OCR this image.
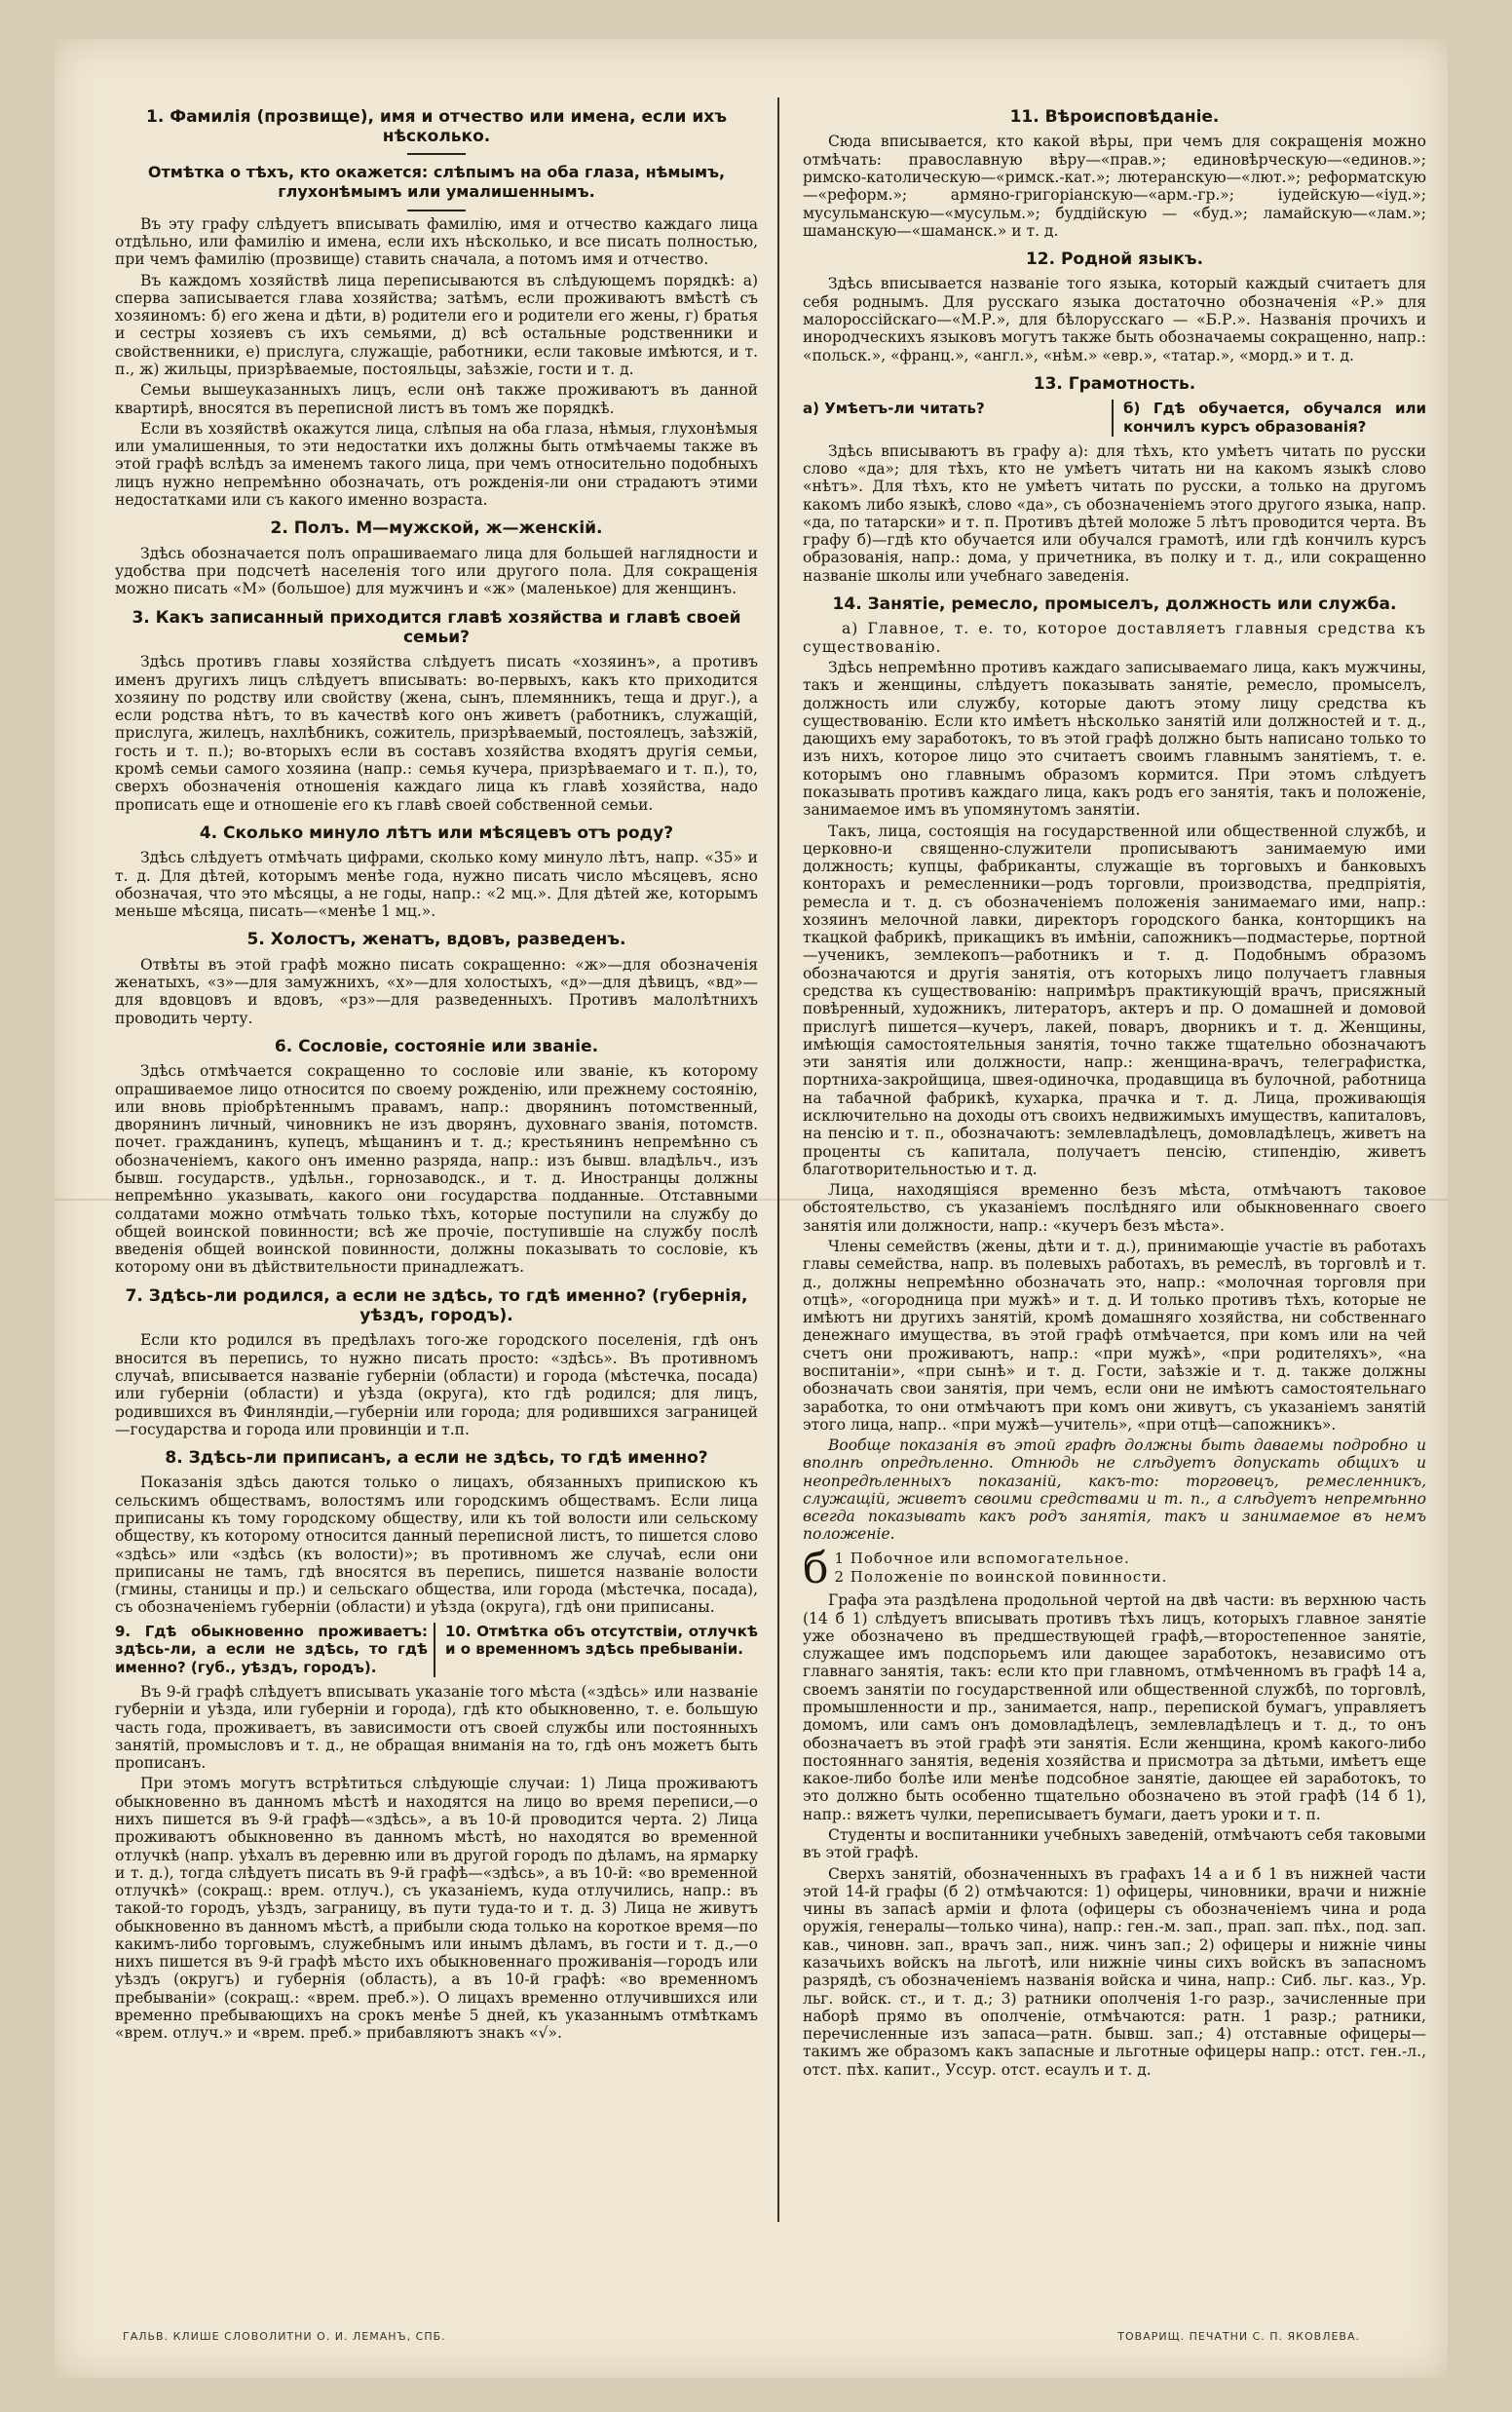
1. Фамилія (прозвище), имя и отчество или имена, если ихъ нѣсколько.
Отмѣтка о тѣхъ, кто окажется: слѣпымъ на оба глаза, нѣмымъ, глухонѣмымъ или умалишеннымъ.

Въ эту графу слѣдуетъ вписывать фамилію, имя и отчество каждаго лица отдѣльно, или фамилію и имена, если ихъ нѣсколько, и все писать полностью, при чемъ фамилію (прозвище) ставить сначала, а потомъ имя и отчество.

Въ каждомъ хозяйствѣ лица переписываются въ слѣдующемъ порядкѣ: а) сперва записывается глава хозяйства; затѣмъ, если проживаютъ вмѣстѣ съ хозяиномъ: б) его жена и дѣти, в) родители его и родители его жены, г) братья и сестры хозяевъ съ ихъ семьями, д) всѣ остальные родственники и свойственники, е) прислуга, служащіе, работники, если таковые имѣются, и т. п., ж) жильцы, призрѣваемые, постояльцы, заѣзжіе, гости и т. д.

Семьи вышеуказанныхъ лицъ, если онѣ также проживаютъ въ данной квартирѣ, вносятся въ переписной листъ въ томъ же порядкѣ.

Если въ хозяйствѣ окажутся лица, слѣпыя на оба глаза, нѣмыя, глухонѣмыя или умалишенныя, то эти недостатки ихъ должны быть отмѣчаемы также въ этой графѣ вслѣдъ за именемъ такого лица, при чемъ относительно подобныхъ лицъ нужно непремѣнно обозначать, отъ рожденія-ли они страдаютъ этими недостатками или съ какого именно возраста.

2. Полъ. М—мужской, ж—женскій.

Здѣсь обозначается полъ опрашиваемаго лица для большей наглядности и удобства при подсчетѣ населенія того или другого пола. Для сокращенія можно писать «М» (большое) для мужчинъ и «ж» (маленькое) для женщинъ.

3. Какъ записанный приходится главѣ хозяйства и главѣ своей семьи?

Здѣсь противъ главы хозяйства слѣдуетъ писать «хозяинъ», а противъ именъ другихъ лицъ слѣдуетъ вписывать: во-первыхъ, какъ кто приходится хозяину по родству или свойству (жена, сынъ, племянникъ, теща и друг.), а если родства нѣтъ, то въ качествѣ кого онъ живетъ (работникъ, служащій, прислуга, жилецъ, нахлѣбникъ, сожитель, призрѣваемый, постоялецъ, заѣзжій, гость и т. п.); во-вторыхъ если въ составъ хозяйства входятъ другія семьи, кромѣ семьи самого хозяина (напр.: семья кучера, призрѣваемаго и т. п.), то, сверхъ обозначенія отношенія каждаго лица къ главѣ хозяйства, надо прописать еще и отношеніе его къ главѣ своей собственной семьи.

4. Сколько минуло лѣтъ или мѣсяцевъ отъ роду?

Здѣсь слѣдуетъ отмѣчать цифрами, сколько кому минуло лѣтъ, напр. «35» и т. д. Для дѣтей, которымъ менѣе года, нужно писать число мѣсяцевъ, ясно обозначая, что это мѣсяцы, а не годы, напр.: «2 мц.». Для дѣтей же, которымъ меньше мѣсяца, писать—«менѣе 1 мц.».

5. Холостъ, женатъ, вдовъ, разведенъ.

Отвѣты въ этой графѣ можно писать сокращенно: «ж»—для обозначенія женатыхъ, «з»—для замужнихъ, «х»—для холостыхъ, «д»—для дѣвицъ, «вд»—для вдовцовъ и вдовъ, «рз»—для разведенныхъ. Противъ малолѣтнихъ проводить черту.

6. Сословіе, состояніе или званіе.

Здѣсь отмѣчается сокращенно то сословіе или званіе, къ которому опрашиваемое лицо относится по своему рожденію, или прежнему состоянію, или вновь пріобрѣтеннымъ правамъ, напр.: дворянинъ потомственный, дворянинъ личный, чиновникъ не изъ дворянъ, духовнаго званія, потомств. почет. гражданинъ, купецъ, мѣщанинъ и т. д.; крестьянинъ непремѣнно съ обозначеніемъ, какого онъ именно разряда, напр.: изъ бывш. владѣльч., изъ бывш. государств., удѣльн., горнозаводск., и т. д. Иностранцы должны непремѣнно указывать, какого они государства подданные. Отставными солдатами можно отмѣчать только тѣхъ, которые поступили на службу до общей воинской повинности; всѣ же прочіе, поступившіе на службу послѣ введенія общей воинской повинности, должны показывать то сословіе, къ которому они въ дѣйствительности принадлежатъ.

7. Здѣсь-ли родился, а если не здѣсь, то гдѣ именно? (губернія, уѣздъ, городъ).

Если кто родился въ предѣлахъ того-же городского поселенія, гдѣ онъ вносится въ перепись, то нужно писать просто: «здѣсь». Въ противномъ случаѣ, вписывается названіе губерніи (области) и города (мѣстечка, посада) или губерніи (области) и уѣзда (округа), кто гдѣ родился; для лицъ, родившихся въ Финляндіи,—губерніи или города; для родившихся заграницей—государства и города или провинціи и т.п.

8. Здѣсь-ли приписанъ, а если не здѣсь, то гдѣ именно?

Показанія здѣсь даются только о лицахъ, обязанныхъ припискою къ сельскимъ обществамъ, волостямъ или городскимъ обществамъ. Если лица приписаны къ тому городскому обществу, или къ той волости или сельскому обществу, къ которому относится данный переписной листъ, то пишется слово «здѣсь» или «здѣсь (къ волости)»; въ противномъ же случаѣ, если они приписаны не тамъ, гдѣ вносятся въ перепись, пишется названіе волости (гмины, станицы и пр.) и сельскаго общества, или города (мѣстечка, посада), съ обозначеніемъ губерніи (области) и уѣзда (округа), гдѣ они приписаны.

9. Гдѣ обыкновенно проживаетъ: здѣсь-ли, а если не здѣсь, то гдѣ именно? (губ., уѣздъ, городъ).
10. Отмѣтка объ отсутствіи, отлучкѣ и о временномъ здѣсь пребываніи.

Въ 9-й графѣ слѣдуетъ вписывать указаніе того мѣста («здѣсь» или названіе губерніи и уѣзда, или губерніи и города), гдѣ кто обыкновенно, т. е. большую часть года, проживаетъ, въ зависимости отъ своей службы или постоянныхъ занятій, промысловъ и т. д., не обращая вниманія на то, гдѣ онъ можетъ быть прописанъ.

При этомъ могутъ встрѣтиться слѣдующіе случаи: 1) Лица проживаютъ обыкновенно въ данномъ мѣстѣ и находятся на лицо во время переписи,—о нихъ пишется въ 9-й графѣ—«здѣсь», а въ 10-й проводится черта. 2) Лица проживаютъ обыкновенно въ данномъ мѣстѣ, но находятся во временной отлучкѣ (напр. уѣхалъ въ деревню или въ другой городъ по дѣламъ, на ярмарку и т. д.), тогда слѣдуетъ писать въ 9-й графѣ—«здѣсь», а въ 10-й: «во временной отлучкѣ» (сокращ.: врем. отлуч.), съ указаніемъ, куда отлучились, напр.: въ такой-то городъ, уѣздъ, заграницу, въ пути туда-то и т. д. 3) Лица не живутъ обыкновенно въ данномъ мѣстѣ, а прибыли сюда только на короткое время—по какимъ-либо торговымъ, служебнымъ или инымъ дѣламъ, въ гости и т. д.,—о нихъ пишется въ 9-й графѣ мѣсто ихъ обыкновеннаго проживанія—городъ или уѣздъ (округъ) и губернія (область), а въ 10-й графѣ: «во временномъ пребываніи» (сокращ.: «врем. преб.»). О лицахъ временно отлучившихся или временно пребывающихъ на срокъ менѣе 5 дней, къ указаннымъ отмѣткамъ «врем. отлуч.» и «врем. преб.» прибавляютъ знакъ «√».

11. Вѣроисповѣданіе.

Сюда вписывается, кто какой вѣры, при чемъ для сокращенія можно отмѣчать: православную вѣру—«прав.»; единовѣрческую—«единов.»; римско-католическую—«римск.-кат.»; лютеранскую—«лют.»; реформатскую—«реформ.»; армяно-григоріанскую—«арм.-гр.»; іудейскую—«іуд.»; мусульманскую—«мусульм.»; буддійскую — «буд.»; ламайскую—«лам.»; шаманскую—«шаманск.» и т. д.

12. Родной языкъ.

Здѣсь вписывается названіе того языка, который каждый считаетъ для себя роднымъ. Для русскаго языка достаточно обозначенія «Р.» для малороссійскаго—«М.Р.», для бѣлорусскаго — «Б.Р.». Названія прочихъ и инородческихъ языковъ могутъ также быть обозначаемы сокращенно, напр.: «польск.», «франц.», «англ.», «нѣм.» «евр.», «татар.», «морд.» и т. д.

13. Грамотность.
а) Умѣетъ-ли читать?	б) Гдѣ обучается, обучался или кончилъ курсъ образованія?

Здѣсь вписываютъ въ графу а): для тѣхъ, кто умѣетъ читать по русски слово «да»; для тѣхъ, кто не умѣетъ читать ни на какомъ языкѣ слово «нѣтъ». Для тѣхъ, кто не умѣетъ читать по русски, а только на другомъ какомъ либо языкѣ, слово «да», съ обозначеніемъ этого другого языка, напр. «да, по татарски» и т. п. Противъ дѣтей моложе 5 лѣтъ проводится черта. Въ графу б)—гдѣ кто обучается или обучался грамотѣ, или гдѣ кончилъ курсъ образованія, напр.: дома, у причетника, въ полку и т. д., или сокращенно названіе школы или учебнаго заведенія.

14. Занятіе, ремесло, промыселъ, должность или служба.

а) Главное, т. е. то, которое доставляетъ главныя средства къ существованію.

Здѣсь непремѣнно противъ каждаго записываемаго лица, какъ мужчины, такъ и женщины, слѣдуетъ показывать занятіе, ремесло, промыселъ, должность или службу, которые даютъ этому лицу средства къ существованію. Если кто имѣетъ нѣсколько занятій или должностей и т. д., дающихъ ему заработокъ, то въ этой графѣ должно быть написано только то изъ нихъ, которое лицо это считаетъ своимъ главнымъ занятіемъ, т. е. которымъ оно главнымъ образомъ кормится. При этомъ слѣдуетъ показывать противъ каждаго лица, какъ родъ его занятія, такъ и положеніе, занимаемое имъ въ упомянутомъ занятіи.

Такъ, лица, состоящія на государственной или общественной службѣ, и церковно-и священно-служители прописываютъ занимаемую ими должность; купцы, фабриканты, служащіе въ торговыхъ и банковыхъ конторахъ и ремесленники—родъ торговли, производства, предпріятія, ремесла и т. д. съ обозначеніемъ положенія занимаемаго ими, напр.: хозяинъ мелочной лавки, директоръ городского банка, конторщикъ на ткацкой фабрикѣ, прикащикъ въ имѣніи, сапожникъ—подмастерье, портной—ученикъ, землекопъ—работникъ и т. д. Подобнымъ образомъ обозначаются и другія занятія, отъ которыхъ лицо получаетъ главныя средства къ существованію: напримѣръ практикующій врачъ, присяжный повѣренный, художникъ, литераторъ, актеръ и пр. О домашней и домовой прислугѣ пишется—кучеръ, лакей, поваръ, дворникъ и т. д. Женщины, имѣющія самостоятельныя занятія, точно также тщательно обозначаютъ эти занятія или должности, напр.: женщина-врачъ, телеграфистка, портниха-закройщица, швея-одиночка, продавщица въ булочной, работница на табачной фабрикѣ, кухарка, прачка и т. д. Лица, проживающія исключительно на доходы отъ своихъ недвижимыхъ имуществъ, капиталовъ, на пенсію и т. п., обозначаютъ: землевладѣлецъ, домовладѣлецъ, живетъ на проценты съ капитала, получаетъ пенсію, стипендію, живетъ благотворительностью и т. д.

Лица, находящіяся временно безъ мѣста, отмѣчаютъ таковое обстоятельство, съ указаніемъ послѣдняго или обыкновеннаго своего занятія или должности, напр.: «кучеръ безъ мѣста».

Члены семействъ (жены, дѣти и т. д.), принимающіе участіе въ работахъ главы семейства, напр. въ полевыхъ работахъ, въ ремеслѣ, въ торговлѣ и т. д., должны непремѣнно обозначать это, напр.: «молочная торговля при отцѣ», «огородница при мужѣ» и т. д. И только противъ тѣхъ, которые не имѣютъ ни другихъ занятій, кромѣ домашняго хозяйства, ни собственнаго денежнаго имущества, въ этой графѣ отмѣчается, при комъ или на чей счетъ они проживаютъ, напр.: «при мужѣ», «при родителяхъ», «на воспитаніи», «при сынѣ» и т. д. Гости, заѣзжіе и т. д. также должны обозначать свои занятія, при чемъ, если они не имѣютъ самостоятельнаго заработка, то они отмѣчаютъ при комъ они живутъ, съ указаніемъ занятій этого лица, напр.. «при мужѣ—учитель», «при отцѣ—сапожникъ».

Вообще показанія въ этой графѣ должны быть даваемы подробно и вполнѣ опредѣленно. Отнюдь не слѣдуетъ допускать общихъ и неопредѣленныхъ показаній, какъ-то: торговецъ, ремесленникъ, служащій, живетъ своими средствами и т. п., а слѣдуетъ непремѣнно всегда показывать какъ родъ занятія, такъ и занимаемое въ немъ положеніе.

б 1 Побочное или вспомогательное.
2 Положеніе по воинской повинности.

Графа эта раздѣлена продольной чертой на двѣ части: въ верхнюю часть (14 б 1) слѣдуетъ вписывать противъ тѣхъ лицъ, которыхъ главное занятіе уже обозначено въ предшествующей графѣ,—второстепенное занятіе, служащее имъ подспорьемъ или дающее заработокъ, независимо отъ главнаго занятія, такъ: если кто при главномъ, отмѣченномъ въ графѣ 14 а, своемъ занятіи по государственной или общественной службѣ, по торговлѣ, промышленности и пр., занимается, напр., перепиской бумагъ, управляетъ домомъ, или самъ онъ домовладѣлецъ, землевладѣлецъ и т. д., то онъ обозначаетъ въ этой графѣ эти занятія. Если женщина, кромѣ какого-либо постояннаго занятія, веденія хозяйства и присмотра за дѣтьми, имѣетъ еще какое-либо болѣе или менѣе подсобное занятіе, дающее ей заработокъ, то это должно быть особенно тщательно обозначено въ этой графѣ (14 б 1), напр.: вяжетъ чулки, переписываетъ бумаги, даетъ уроки и т. п.

Студенты и воспитанники учебныхъ заведеній, отмѣчаютъ себя таковыми въ этой графѣ.

Сверхъ занятій, обозначенныхъ въ графахъ 14 а и б 1 въ нижней части этой 14-й графы (б 2) отмѣчаются: 1) офицеры, чиновники, врачи и нижніе чины въ запасѣ арміи и флота (офицеры съ обозначеніемъ чина и рода оружія, генералы—только чина), напр.: ген.-м. зап., прап. зап. пѣх., под. зап. кав., чиновн. зап., врачъ зап., ниж. чинъ зап.; 2) офицеры и нижніе чины казачьихъ войскъ на льготѣ, или нижніе чины сихъ войскъ въ запасномъ разрядѣ, съ обозначеніемъ названія войска и чина, напр.: Сиб. льг. каз., Ур. льг. войск. ст., и т. д.; 3) ратники ополченія 1-го разр., зачисленные при наборѣ прямо въ ополченіе, отмѣчаются: ратн. 1 разр.; ратники, перечисленные изъ запаса—ратн. бывш. зап.; 4) отставные офицеры—такимъ же образомъ какъ запасные и льготные офицеры напр.: отст. ген.-л., отст. пѣх. капит., Уссур. отст. есаулъ и т. д.

ГАЛЬВ. КЛИШЕ СЛОВОЛИТНИ О. И. ЛЕМАНЪ, СПБ.	ТОВАРИЩ. ПЕЧАТНИ С. П. ЯКОВЛЕВА.
